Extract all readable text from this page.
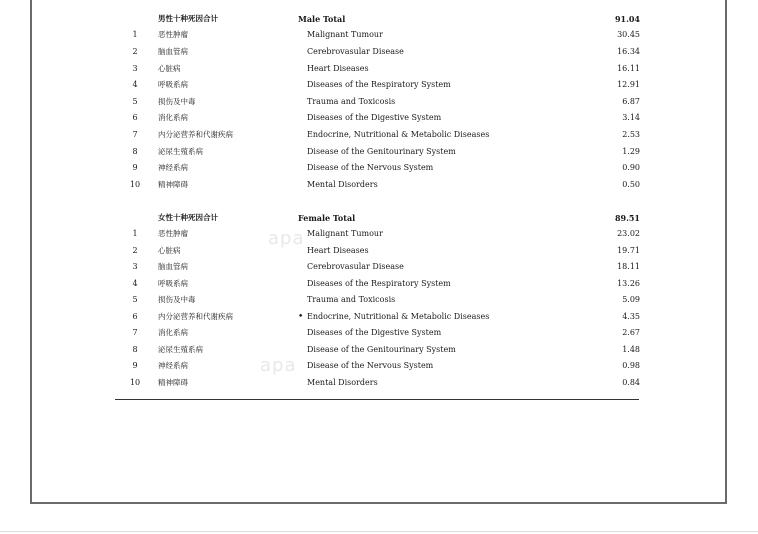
apa
apa
男性十种死因合计	Male Total	91.04
1	恶性肿瘤	Malignant Tumour	30.45
2	脑血管病	Cerebrovasular Disease	16.34
3	心脏病	Heart Diseases	16.11
4	呼吸系病	Diseases of the Respiratory System	12.91
5	损伤及中毒	Trauma and Toxicosis	6.87
6	消化系病	Diseases of the Digestive System	3.14
7	内分泌营养和代谢疾病	Endocrine, Nutritional & Metabolic Diseases	2.53
8	泌尿生殖系病	Disease of the Genitourinary System	1.29
9	神经系病	Disease of the Nervous System	0.90
10 精神障碍	Mental Disorders	0.50
女性十种死因合计	Female Total	89.51
1	恶性肿瘤	Malignant Tumour	23.02
2	心脏病	Heart Diseases	19.71
3	脑血管病	Cerebrovasular Disease	18.11
4	呼吸系病	Diseases of the Respiratory System	13.26
5	损伤及中毒	Trauma and Toxicosis	5.09
6	内分泌营养和代谢疾病	• Endocrine, Nutritional & Metabolic Diseases	4.35
7	消化系病	Diseases of the Digestive System	2.67
8	泌尿生殖系病	Disease of the Genitourinary System	1.48
9	神经系病	Disease of the Nervous System	0.98
10 精神障碍	Mental Disorders	0.84
